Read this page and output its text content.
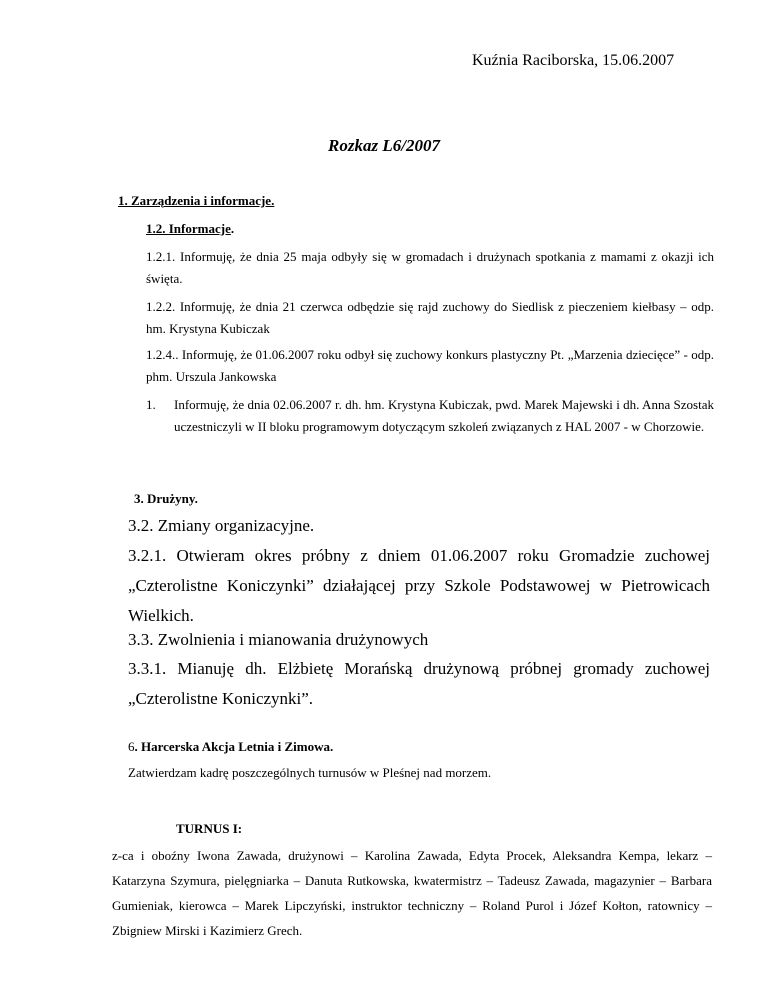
Kuźnia Raciborska, 15.06.2007

Rozkaz L6/2007

1. Zarządzenia i informacje.

1.2. Informacje.

1.2.1. Informuję, że dnia 25 maja odbyły się w gromadach i drużynach spotkania z mamami z okazji ich święta.

1.2.2. Informuję, że dnia 21 czerwca odbędzie się rajd zuchowy do Siedlisk z pieczeniem kiełbasy – odp. hm. Krystyna Kubiczak

1.2.4.. Informuję, że 01.06.2007 roku odbył się zuchowy konkurs plastyczny Pt. „Marzenia dziecięce” - odp. phm. Urszula Jankowska

1. Informuję, że dnia 02.06.2007 r. dh. hm. Krystyna Kubiczak, pwd. Marek Majewski i dh. Anna Szostak uczestniczyli w II bloku programowym dotyczącym szkoleń związanych z HAL 2007 - w Chorzowie.

3. Drużyny.

3.2. Zmiany organizacyjne.

3.2.1. Otwieram okres próbny z dniem 01.06.2007 roku Gromadzie zuchowej „Czterolistne Koniczynki” działającej przy Szkole Podstawowej w Pietrowicach Wielkich.

3.3. Zwolnienia i mianowania drużynowych

3.3.1. Mianuję dh. Elżbietę Morańską drużynową próbnej gromady zuchowej „Czterolistne Koniczynki”.

6. Harcerska Akcja Letnia i Zimowa.

Zatwierdzam kadrę poszczególnych turnusów w Pleśnej nad morzem.

TURNUS I:

z-ca i oboźny Iwona Zawada, drużynowi – Karolina Zawada, Edyta Procek, Aleksandra Kempa, lekarz – Katarzyna Szymura, pielęgniarka – Danuta Rutkowska, kwatermistrz – Tadeusz Zawada, magazynier – Barbara Gumieniak, kierowca – Marek Lipczyński, instruktor techniczny – Roland Purol i Józef Kołton, ratownicy – Zbigniew Mirski i Kazimierz Grech.
